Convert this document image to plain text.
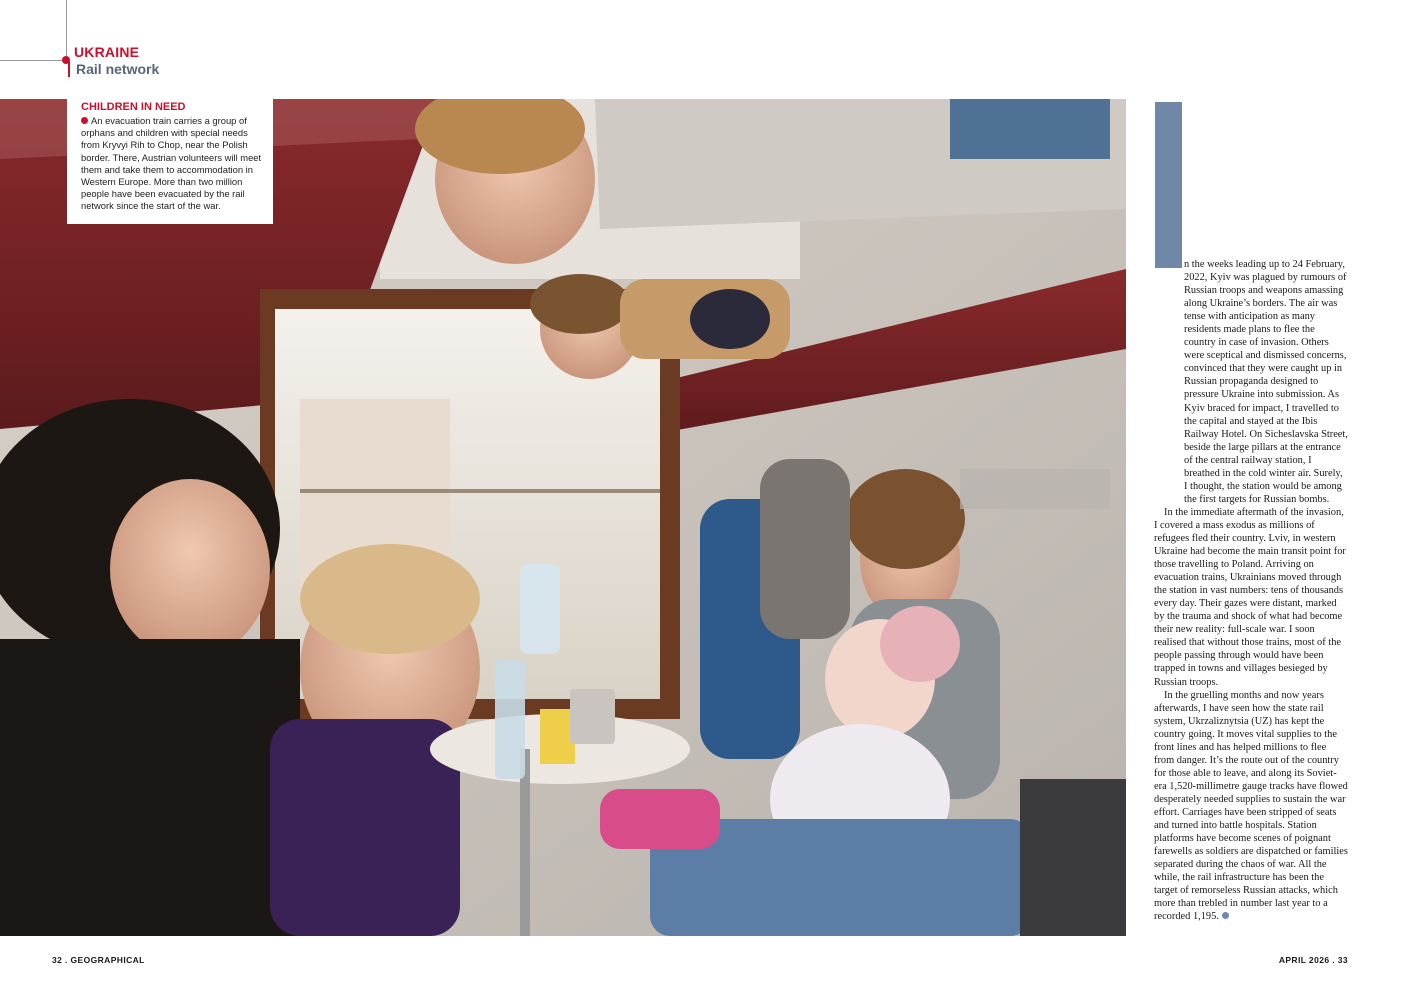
UKRAINE
Rail network
CHILDREN IN NEED
An evacuation train carries a group of orphans and children with special needs from Kryvyi Rih to Chop, near the Polish border. There, Austrian volunteers will meet them and take them to accommodation in Western Europe. More than two million people have been evacuated by the rail network since the start of the war.

n the weeks leading up to 24 February, 2022, Kyiv was plagued by rumours of Russian troops and weapons amassing along Ukraine’s borders. The air was tense with anticipation as many residents made plans to flee the country in case of invasion. Others were sceptical and dismissed concerns, convinced that they were caught up in Russian propaganda designed to pressure Ukraine into submission. As Kyiv braced for impact, I travelled to the capital and stayed at the Ibis Railway Hotel. On Sicheslavska Street, beside the large pillars at the entrance of the central railway station, I breathed in the cold winter air. Surely, I thought, the station would be among the first targets for Russian bombs.

In the immediate aftermath of the invasion, I covered a mass exodus as millions of refugees fled their country. Lviv, in western Ukraine had become the main transit point for those travelling to Poland. Arriving on evacuation trains, Ukrainians moved through the station in vast numbers: tens of thousands every day. Their gazes were distant, marked by the trauma and shock of what had become their new reality: full-scale war. I soon realised that without those trains, most of the people passing through would have been trapped in towns and villages besieged by Russian troops.

In the gruelling months and now years afterwards, I have seen how the state rail system, Ukrzaliznytsia (UZ) has kept the country going. It moves vital supplies to the front lines and has helped millions to flee from danger. It’s the route out of the country for those able to leave, and along its Soviet-era 1,520-millimetre gauge tracks have flowed desperately needed supplies to sustain the war effort. Carriages have been stripped of seats and turned into battle hospitals. Station platforms have become scenes of poignant farewells as soldiers are dispatched or families separated during the chaos of war. All the while, the rail infrastructure has been the target of remorseless Russian attacks, which more than trebled in number last year to a recorded 1,195.

32 . GEOGRAPHICAL	APRIL 2026 . 33
